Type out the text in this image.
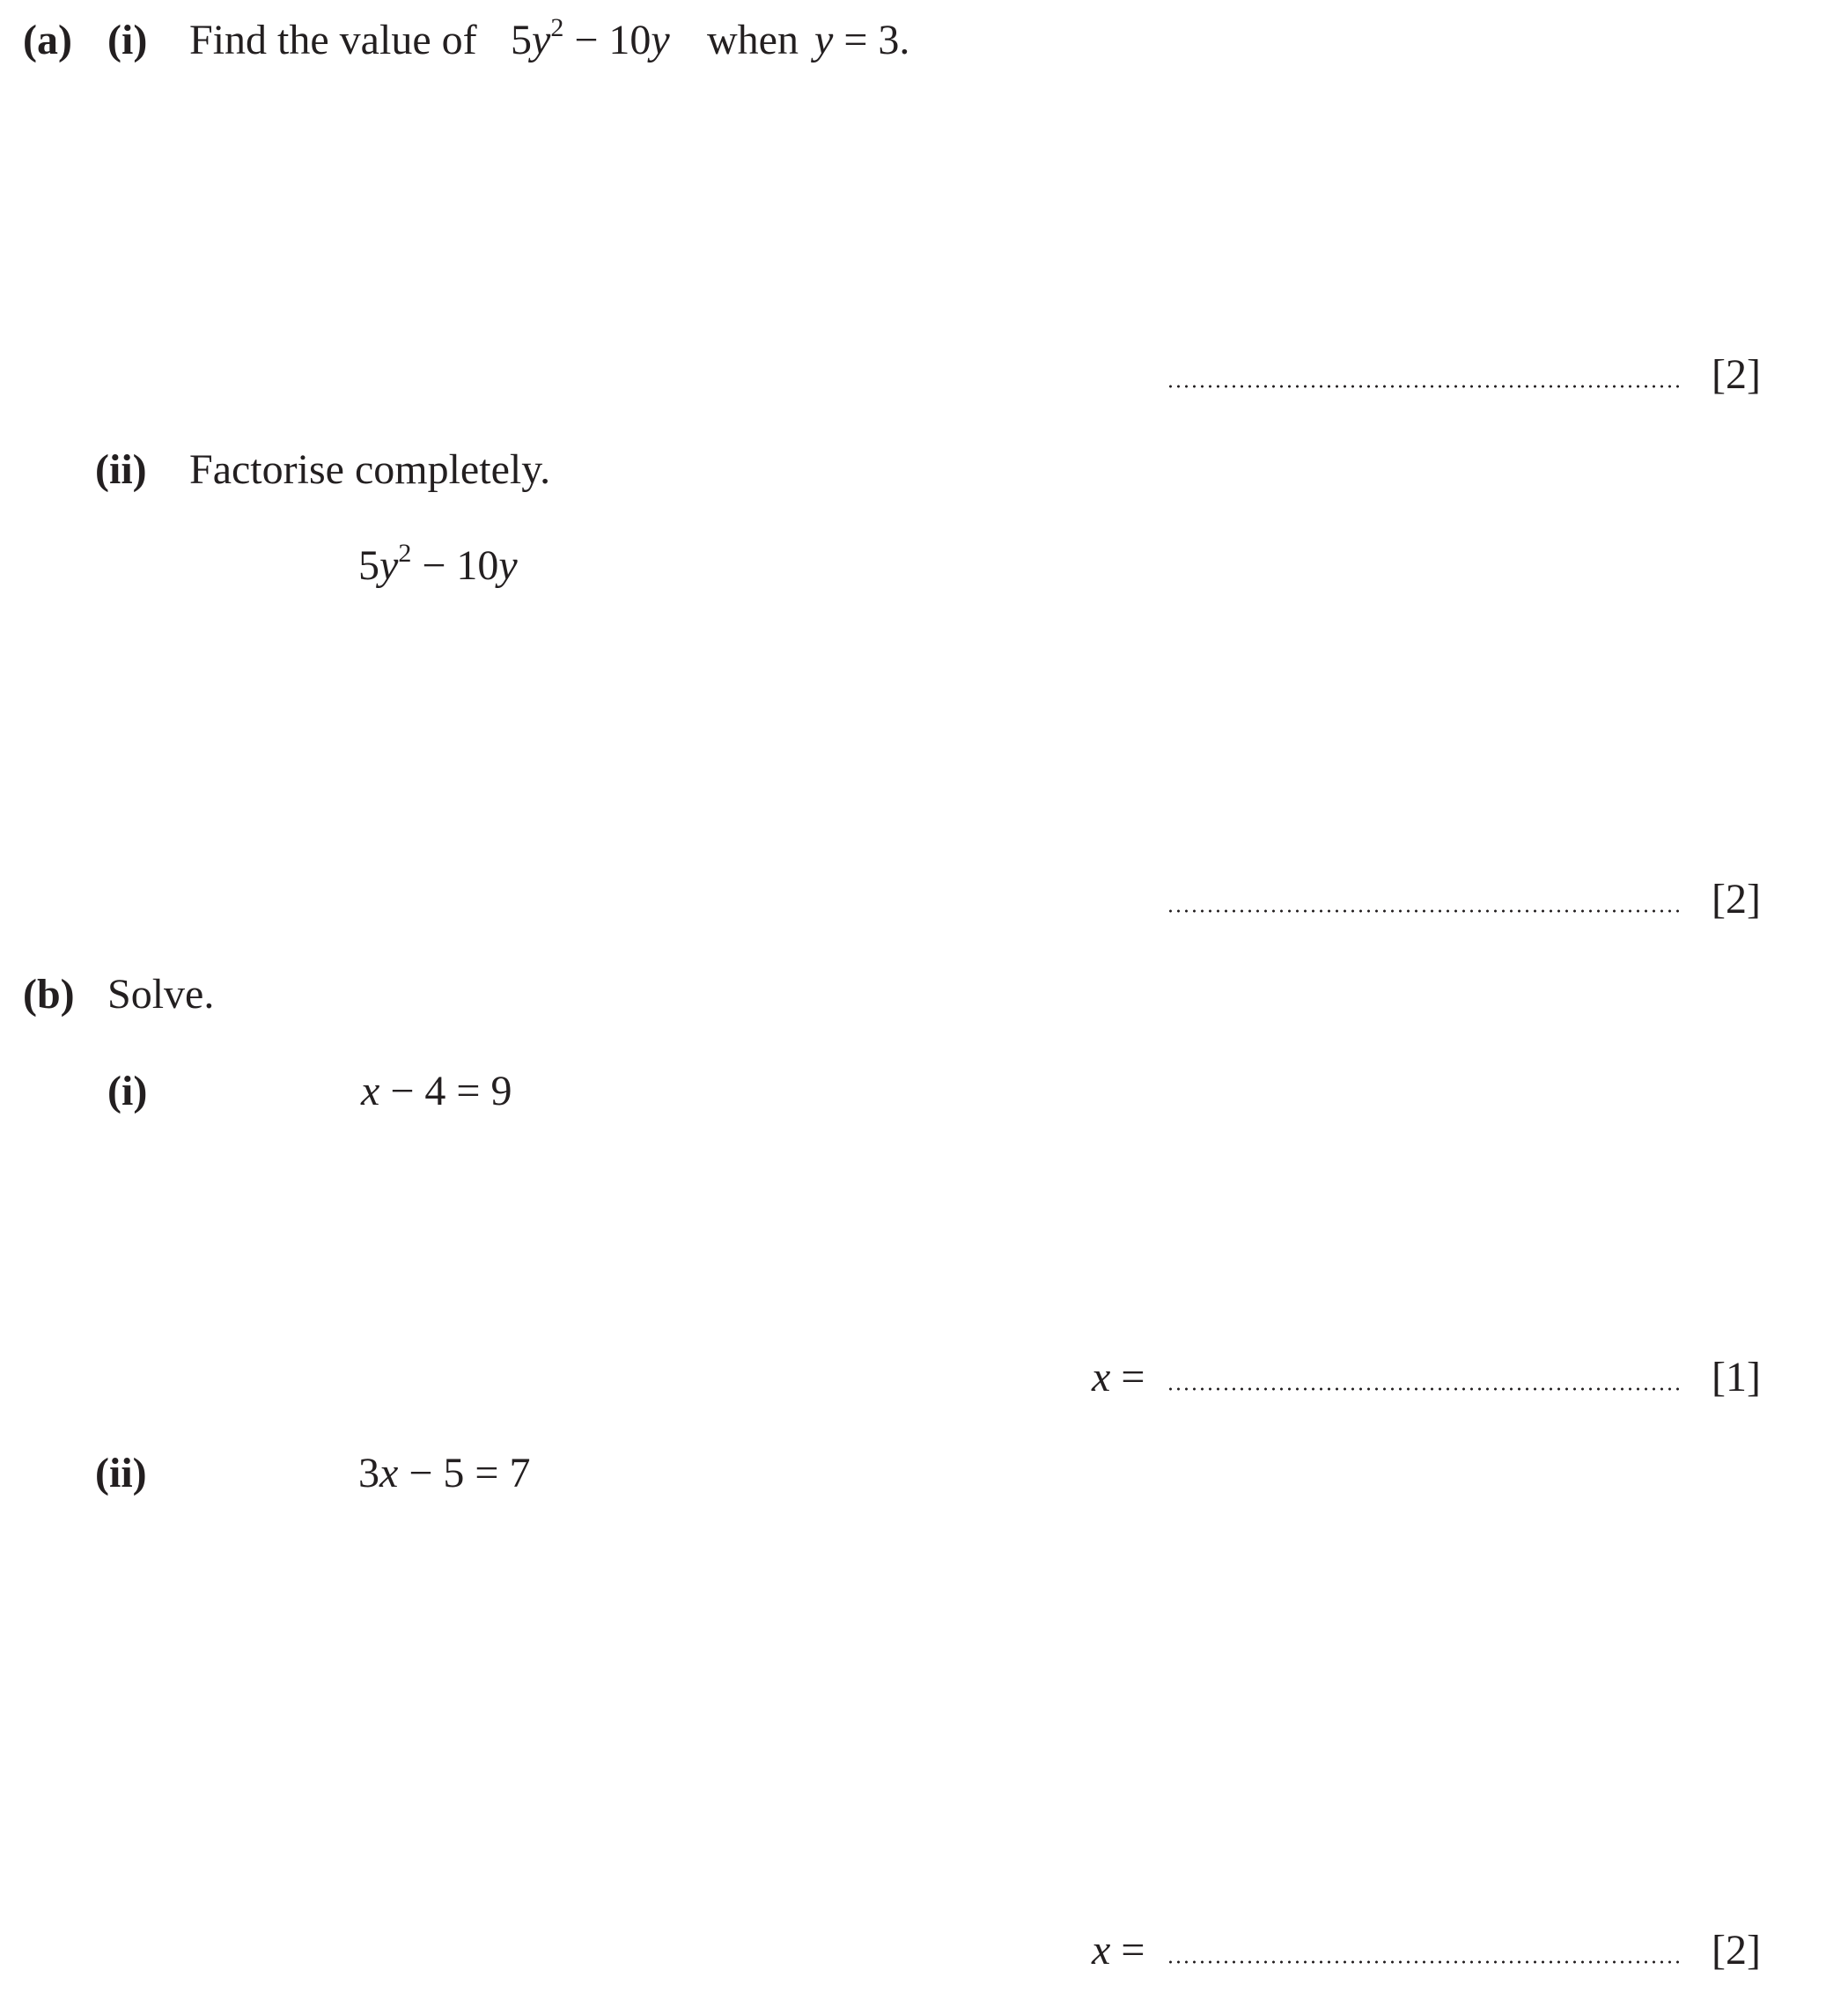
(a) (i) Find the value of $5y^2 - 10y$ when y = 3.
[2]
(ii) Factorise completely.
$5y^2 - 10y$
[2]
(b) Solve.
(i)	x − 4 = 9
x =	[1]
(ii)	3x − 5 = 7
x =	[2]
